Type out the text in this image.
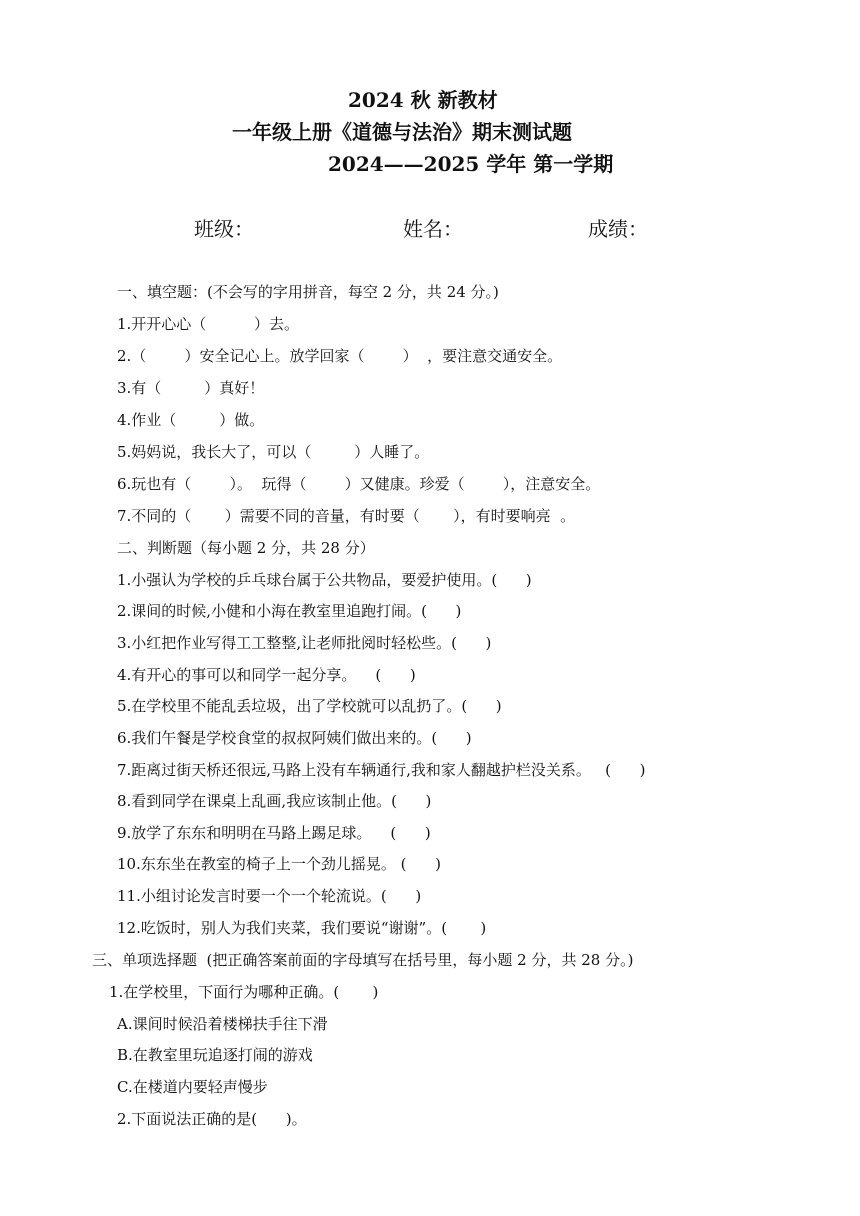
2024 秋 新教材
一年级上册《道德与法治》期末测试题
2024——2025 学年 第一学期
班级：	姓名：	成绩：
一、填空题：(不会写的字用拼音，每空 2 分，共 24 分。)
1.开开心心（          ）去。
2.（        ）安全记心上。放学回家（        ）  ，要注意交通安全。
3.有（         ）真好！
4.作业（         ）做。
5.妈妈说，我长大了，可以（         ）人睡了。
6.玩也有（        ）。  玩得（        ）又健康。珍爱（        ），注意安全。
7.不同的（       ）需要不同的音量，有时要（       ），有时要响亮  。
二、判断题（每小题 2 分，共 28 分）
1.小强认为学校的乒乓球台属于公共物品，要爱护使用。(      )
2.课间的时候,小健和小海在教室里追跑打闹。(      )
3.小红把作业写得工工整整,让老师批阅时轻松些。(      )
4.有开心的事可以和同学一起分享。    (      )
5.在学校里不能乱丢垃圾，出了学校就可以乱扔了。(      )
6.我们午餐是学校食堂的叔叔阿姨们做出来的。(      )
7.距离过街天桥还很远,马路上没有车辆通行,我和家人翻越护栏没关系。   (      )
8.看到同学在课桌上乱画,我应该制止他。(      )
9.放学了东东和明明在马路上踢足球。    (      )
10.东东坐在教室的椅子上一个劲儿摇晃。 (      )
11.小组讨论发言时要一个一个轮流说。(      )
12.吃饭时，别人为我们夹菜，我们要说“谢谢”。(       )
三、单项选择题  (把正确答案前面的字母填写在括号里，每小题 2 分，共 28 分。)
1.在学校里，下面行为哪种正确。(       )
A.课间时候沿着楼梯扶手往下滑
B.在教室里玩追逐打闹的游戏
C.在楼道内要轻声慢步
2.下面说法正确的是(      )。
